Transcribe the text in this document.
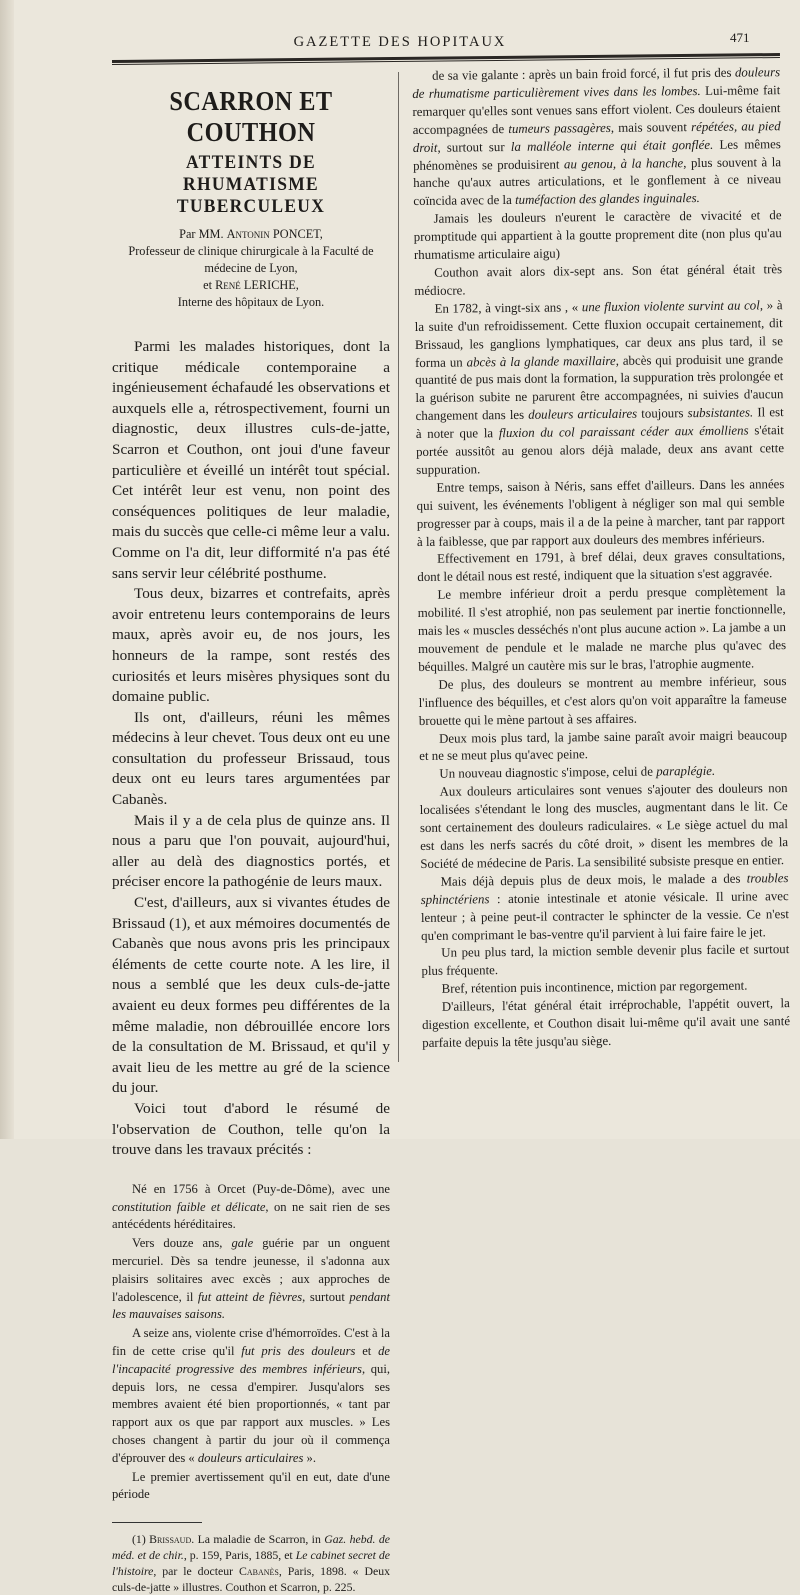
GAZETTE DES HOPITAUX	471
SCARRON ET COUTHON
ATTEINTS DE RHUMATISME TUBERCULEUX
Par MM. Antonin PONCET,
Professeur de clinique chirurgicale à la Faculté de médecine de Lyon,
et René LERICHE,
Interne des hôpitaux de Lyon.

Parmi les malades historiques, dont la critique médicale contemporaine a ingénieusement échafaudé les observations et auxquels elle a, rétrospectivement, fourni un diagnostic, deux illustres culs-de-jatte, Scarron et Couthon, ont joui d'une faveur particulière et éveillé un intérêt tout spécial. Cet intérêt leur est venu, non point des conséquences politiques de leur maladie, mais du succès que celle-ci même leur a valu. Comme on l'a dit, leur difformité n'a pas été sans servir leur célébrité posthume.

Tous deux, bizarres et contrefaits, après avoir entretenu leurs contemporains de leurs maux, après avoir eu, de nos jours, les honneurs de la rampe, sont restés des curiosités et leurs misères physiques sont du domaine public.

Ils ont, d'ailleurs, réuni les mêmes médecins à leur chevet. Tous deux ont eu une consultation du professeur Brissaud, tous deux ont eu leurs tares argumentées par Cabanès.

Mais il y a de cela plus de quinze ans. Il nous a paru que l'on pouvait, aujourd'hui, aller au delà des diagnostics portés, et préciser encore la pathogénie de leurs maux.

C'est, d'ailleurs, aux si vivantes études de Brissaud (1), et aux mémoires documentés de Cabanès que nous avons pris les principaux éléments de cette courte note. A les lire, il nous a semblé que les deux culs-de-jatte avaient eu deux formes peu différentes de la même maladie, non débrouillée encore lors de la consultation de M. Brissaud, et qu'il y avait lieu de les mettre au gré de la science du jour.

Voici tout d'abord le résumé de l'observation de Couthon, telle qu'on la trouve dans les travaux précités :

Né en 1756 à Orcet (Puy-de-Dôme), avec une constitution faible et délicate, on ne sait rien de ses antécédents héréditaires.

Vers douze ans, gale guérie par un onguent mercuriel. Dès sa tendre jeunesse, il s'adonna aux plaisirs solitaires avec excès ; aux approches de l'adolescence, il fut atteint de fièvres, surtout pendant les mauvaises saisons.

A seize ans, violente crise d'hémorroïdes. C'est à la fin de cette crise qu'il fut pris des douleurs et de l'incapacité progressive des membres inférieurs, qui, depuis lors, ne cessa d'empirer. Jusqu'alors ses membres avaient été bien proportionnés, « tant par rapport aux os que par rapport aux muscles. » Les choses changent à partir du jour où il commença d'éprouver des « douleurs articulaires ».

Le premier avertissement qu'il en eut, date d'une période

(1) Brissaud. La maladie de Scarron, in Gaz. hebd. de méd. et de chir., p. 159, Paris, 1885, et Le cabinet secret de l'histoire, par le docteur Cabanès, Paris, 1898. « Deux culs-de-jatte » illustres. Couthon et Scarron, p. 225.

de sa vie galante : après un bain froid forcé, il fut pris des douleurs de rhumatisme particulièrement vives dans les lombes. Lui-même fait remarquer qu'elles sont venues sans effort violent. Ces douleurs étaient accompagnées de tumeurs passagères, mais souvent répétées, au pied droit, surtout sur la malléole interne qui était gonflée. Les mêmes phénomènes se produisirent au genou, à la hanche, plus souvent à la hanche qu'aux autres articulations, et le gonflement à ce niveau coïncida avec de la tuméfaction des glandes inguinales.

Jamais les douleurs n'eurent le caractère de vivacité et de promptitude qui appartient à la goutte proprement dite (non plus qu'au rhumatisme articulaire aigu)

Couthon avait alors dix-sept ans. Son état général était très médiocre.

En 1782, à vingt-six ans , « une fluxion violente survint au col, » à la suite d'un refroidissement. Cette fluxion occupait certainement, dit Brissaud, les ganglions lymphatiques, car deux ans plus tard, il se forma un abcès à la glande maxillaire, abcès qui produisit une grande quantité de pus mais dont la formation, la suppuration très prolongée et la guérison subite ne parurent être accompagnées, ni suivies d'aucun changement dans les douleurs articulaires toujours subsistantes. Il est à noter que la fluxion du col paraissant céder aux émolliens s'était portée aussitôt au genou alors déjà malade, deux ans avant cette suppuration.

Entre temps, saison à Néris, sans effet d'ailleurs. Dans les années qui suivent, les événements l'obligent à négliger son mal qui semble progresser par à coups, mais il a de la peine à marcher, tant par rapport à la faiblesse, que par rapport aux douleurs des membres inférieurs.

Effectivement en 1791, à bref délai, deux graves consultations, dont le détail nous est resté, indiquent que la situation s'est aggravée.

Le membre inférieur droit a perdu presque complètement la mobilité. Il s'est atrophié, non pas seulement par inertie fonctionnelle, mais les « muscles desséchés n'ont plus aucune action ». La jambe a un mouvement de pendule et le malade ne marche plus qu'avec des béquilles. Malgré un cautère mis sur le bras, l'atrophie augmente.

De plus, des douleurs se montrent au membre inférieur, sous l'influence des béquilles, et c'est alors qu'on voit apparaître la fameuse brouette qui le mène partout à ses affaires.

Deux mois plus tard, la jambe saine paraît avoir maigri beaucoup et ne se meut plus qu'avec peine.

Un nouveau diagnostic s'impose, celui de paraplégie.

Aux douleurs articulaires sont venues s'ajouter des douleurs non localisées s'étendant le long des muscles, augmentant dans le lit. Ce sont certainement des douleurs radiculaires. « Le siège actuel du mal est dans les nerfs sacrés du côté droit, » disent les membres de la Société de médecine de Paris. La sensibilité subsiste presque en entier.

Mais déjà depuis plus de deux mois, le malade a des troubles sphinctériens : atonie intestinale et atonie vésicale. Il urine avec lenteur ; à peine peut-il contracter le sphincter de la vessie. Ce n'est qu'en comprimant le bas-ventre qu'il parvient à lui faire faire le jet.

Un peu plus tard, la miction semble devenir plus facile et surtout plus fréquente.

Bref, rétention puis incontinence, miction par regorgement.

D'ailleurs, l'état général était irréprochable, l'appétit ouvert, la digestion excellente, et Couthon disait lui-même qu'il avait une santé parfaite depuis la tête jusqu'au siège.
